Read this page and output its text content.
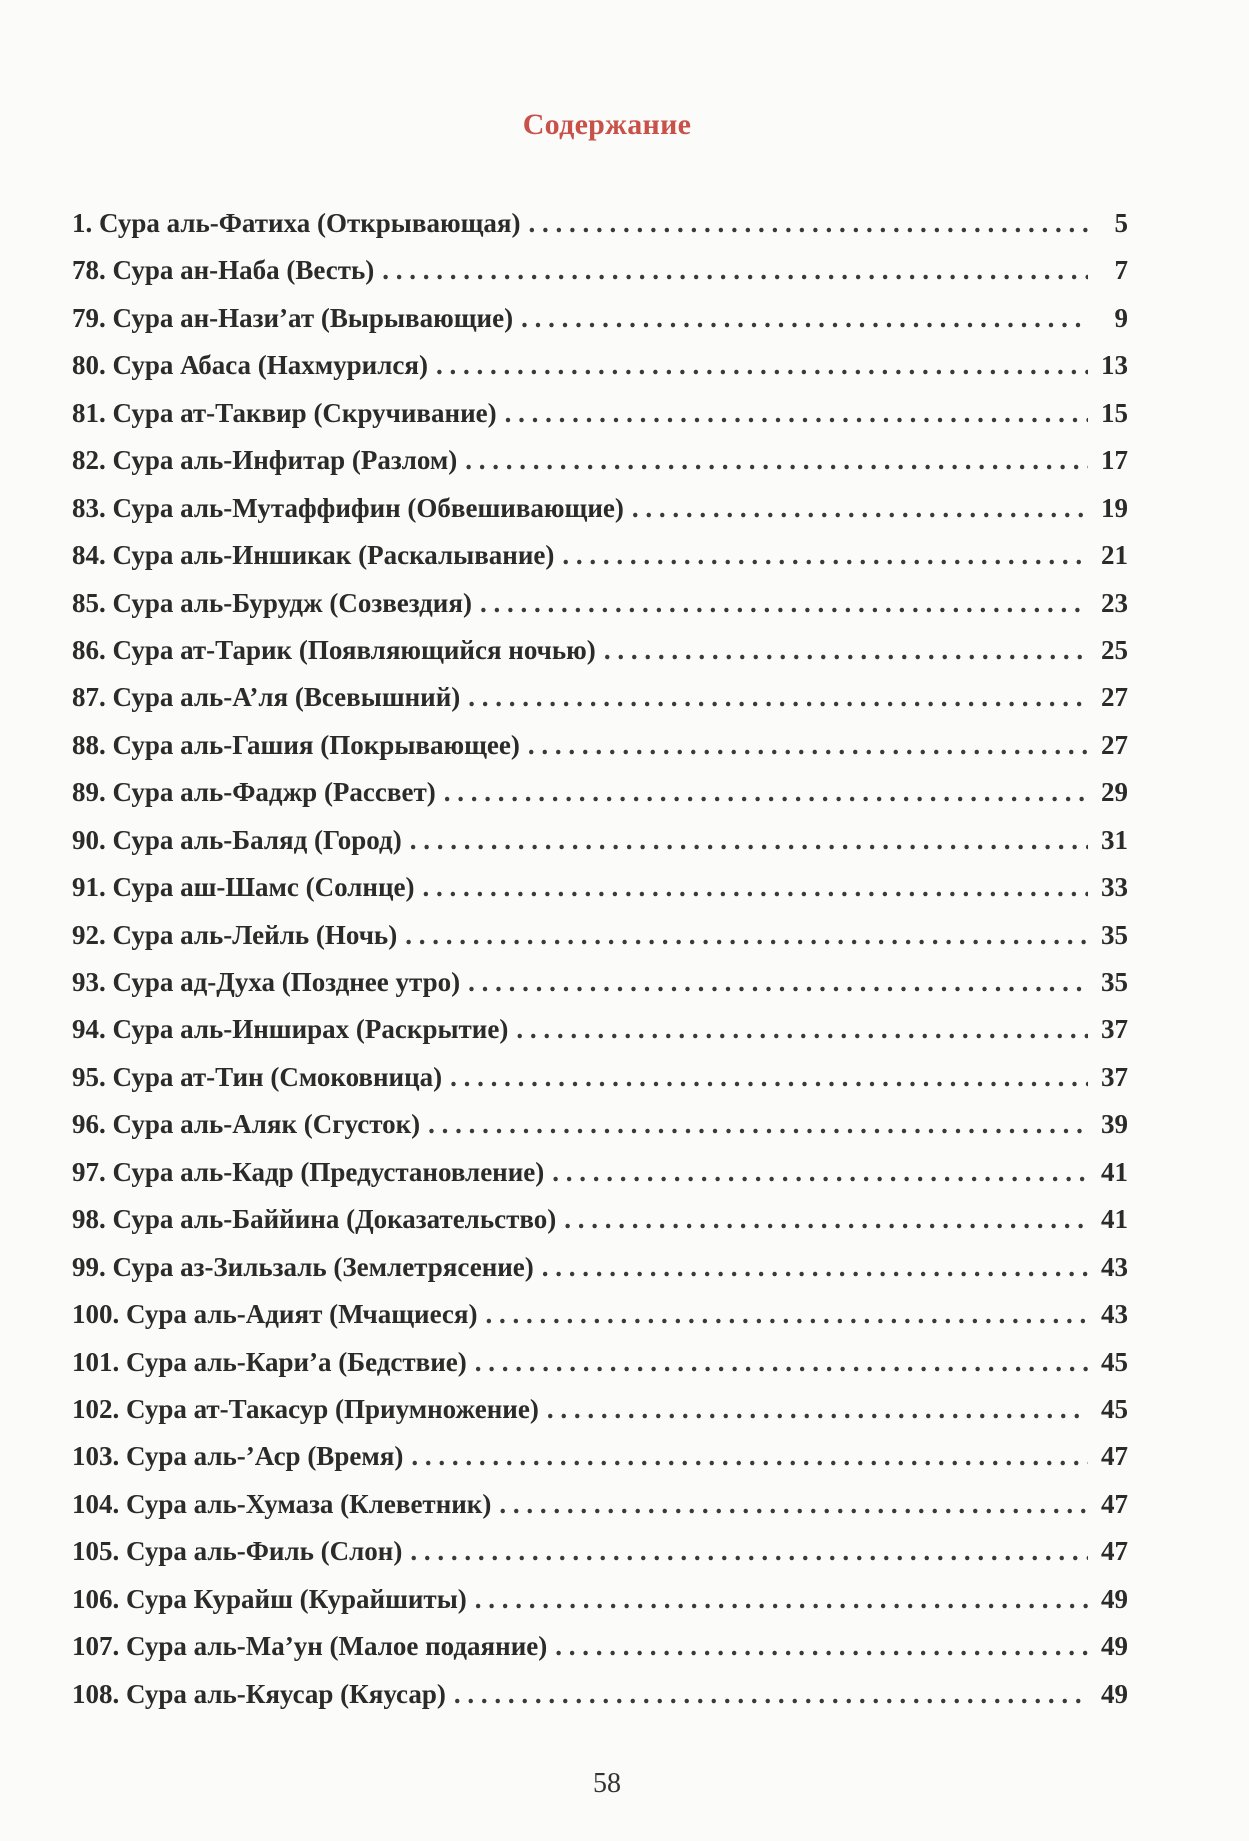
Содержание
1. Сура аль-Фатиха (Открывающая) . . .	5
78. Сура ан-Наба (Весть) . . .	7
79. Сура ан-Нази’ат (Вырывающие) . . .	9
80. Сура Абаса (Нахмурился) . . .	13
81. Сура ат-Таквир (Скручивание) . . .	15
82. Сура аль-Инфитар (Разлом) . . .	17
83. Сура аль-Мутаффифин (Обвешивающие) . . .	19
84. Сура аль-Иншикак (Раскалывание) . . .	21
85. Сура аль-Бурудж (Созвездия) . . .	23
86. Сура ат-Тарик (Появляющийся ночью) . . .	25
87. Сура аль-А’ля (Всевышний) . . .	27
88. Сура аль-Гашия (Покрывающее) . . .	27
89. Сура аль-Фаджр (Рассвет) . . .	29
90. Сура аль-Баляд (Город) . . .	31
91. Сура аш-Шамс (Солнце) . . .	33
92. Сура аль-Лейль (Ночь) . . .	35
93. Сура ад-Духа (Позднее утро) . . .	35
94. Сура аль-Инширах (Раскрытие) . . .	37
95. Сура ат-Тин (Смоковница) . . .	37
96. Сура аль-Аляк (Сгусток) . . .	39
97. Сура аль-Кадр (Предустановление) . . .	41
98. Сура аль-Баййина (Доказательство) . . .	41
99. Сура аз-Зильзаль (Землетрясение) . . .	43
100. Сура аль-Адият (Мчащиеся) . . .	43
101. Сура аль-Кари’а (Бедствие) . . .	45
102. Сура ат-Такасур (Приумножение) . . .	45
103. Сура аль-’Аср (Время) . . .	47
104. Сура аль-Хумаза (Клеветник) . . .	47
105. Сура аль-Филь (Слон) . . .	47
106. Сура Курайш (Курайшиты) . . .	49
107. Сура аль-Ма’ун (Малое подаяние) . . .	49
108. Сура аль-Кяусар (Кяусар) . . .	49
58
